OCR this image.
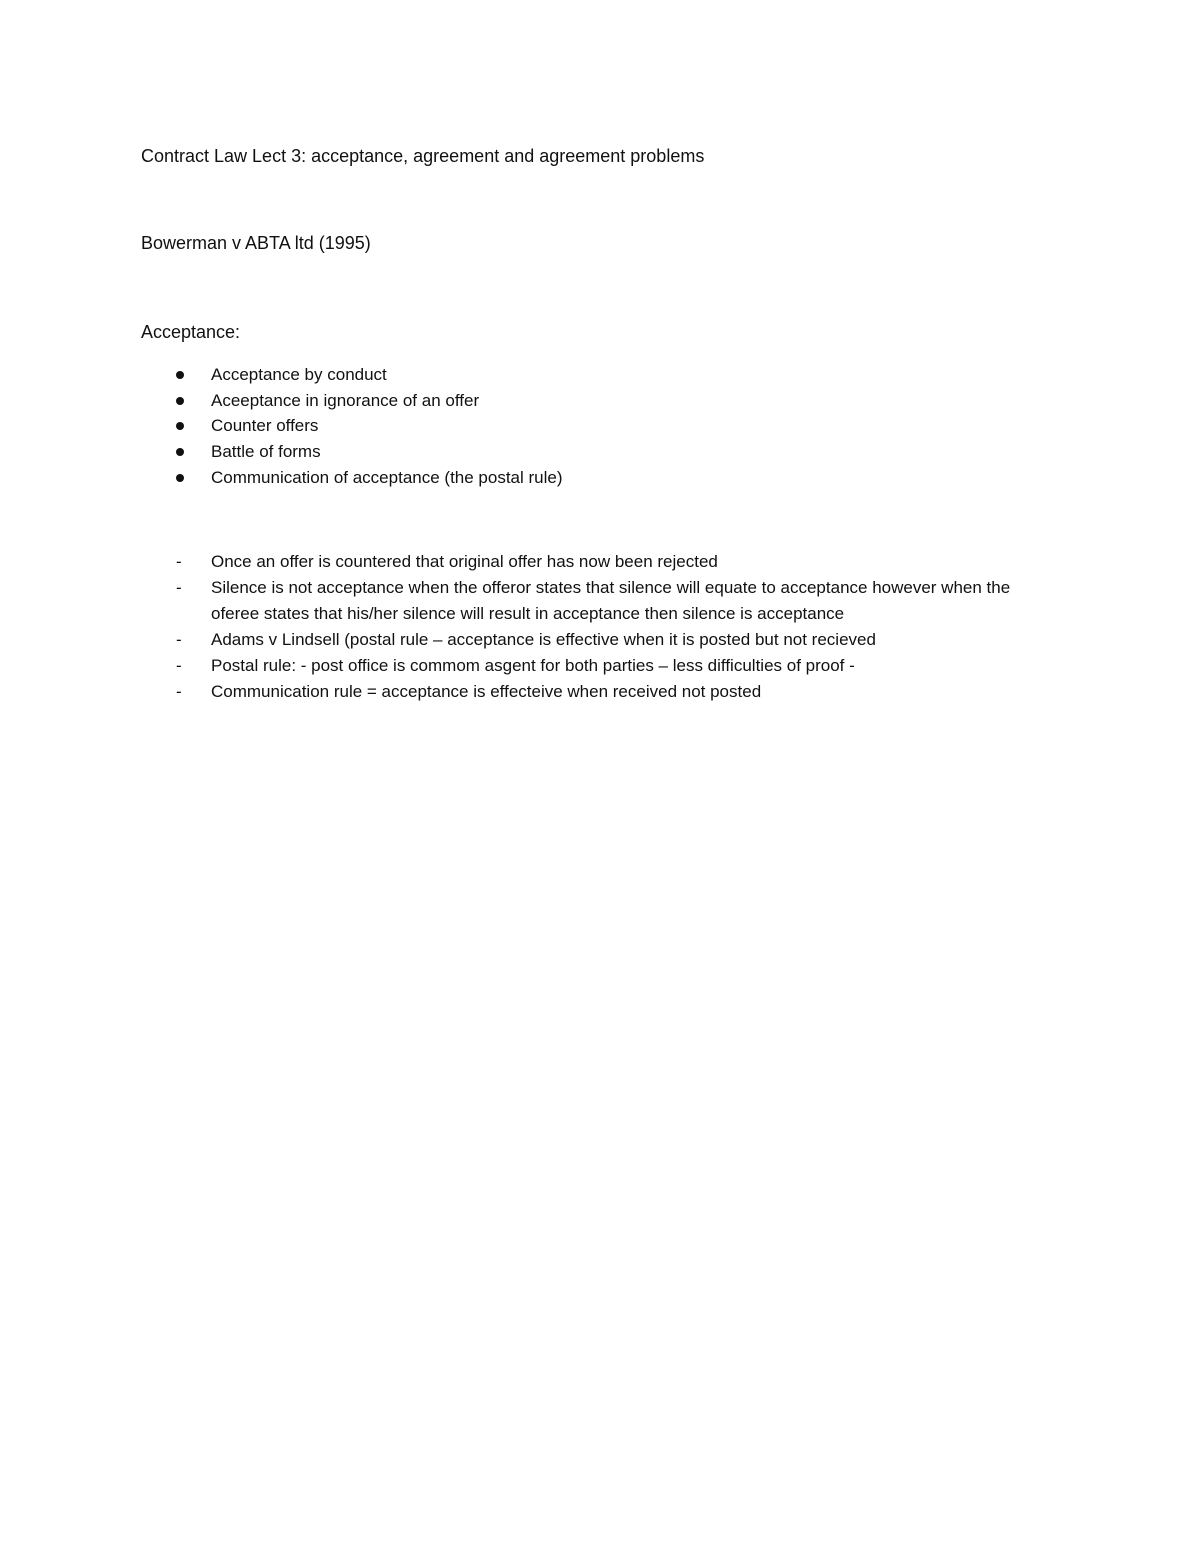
Contract Law Lect 3: acceptance, agreement and agreement problems
Bowerman v ABTA ltd (1995)
Acceptance:
Acceptance by conduct
Aceeptance in ignorance of an offer
Counter offers
Battle of forms
Communication of acceptance (the postal rule)
- Once an offer is countered that original offer has now been rejected
- Silence is not acceptance when the offeror states that silence will equate to acceptance however when the oferee states that his/her silence will result in acceptance then silence is acceptance
- Adams v Lindsell (postal rule – acceptance is effective when it is posted but not recieved
- Postal rule: - post office is commom asgent for both parties – less difficulties of proof -
- Communication rule = acceptance is effecteive when received not posted
